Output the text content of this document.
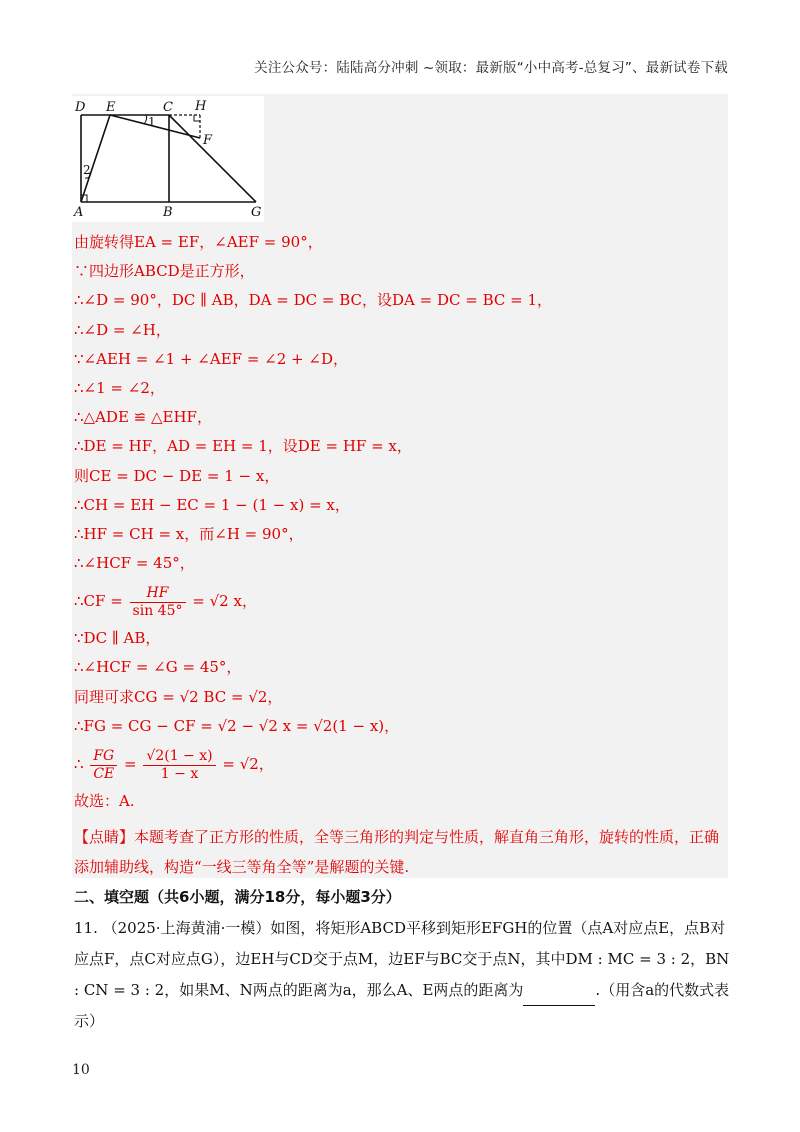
关注公众号：陆陆高分冲刺 ~领取：最新版“小中高考-总复习”、最新试卷下载
D E	C H
F
A	B	G
1
2
由旋转得EA = EF，∠AEF = 90°，
∵四边形ABCD是正方形，
∴∠D = 90°，DC ∥ AB，DA = DC = BC，设DA = DC = BC = 1，
∴∠D = ∠H，
∵∠AEH = ∠1 + ∠AEF = ∠2 + ∠D，
∴∠1 = ∠2，
∴△ADE ≌ △EHF，
∴DE = HF，AD = EH = 1，设DE = HF = x，
则CE = DC − DE = 1 − x，
∴CH = EH − EC = 1 − (1 − x) = x，
∴HF = CH = x，而∠H = 90°，
∴∠HCF = 45°，
∴CF = $\frac{HF}{\sin 45^\circ} = √2$ x，
∵DC ∥ AB，
∴∠HCF = ∠G = 45°，
同理可求CG = √2 BC = √2，
∴FG = CG − CF = √2 − √2 x = √2(1 − x)，
∴ $\frac{FG}{CE} = \frac{√2(1 - x)}{1 - x} = √2$，
故选：A.
【点睛】本题考查了正方形的性质，全等三角形的判定与性质，解直角三角形，旋转的性质，正确添加辅助线，构造“一线三等角全等”是解题的关键.
二、填空题（共6小题，满分18分，每小题3分）
11. （2025·上海黄浦·一模）如图，将矩形ABCD平移到矩形EFGH的位置（点A对应点E，点B对应点F，点C对应点G），边EH与CD交于点M，边EF与BC交于点N，其中DM : MC = 3 : 2，BN : CN = 3 : 2，如果M、N两点的距离为a，那么A、E两点的距离为	.（用含a的代数式表示）
10
